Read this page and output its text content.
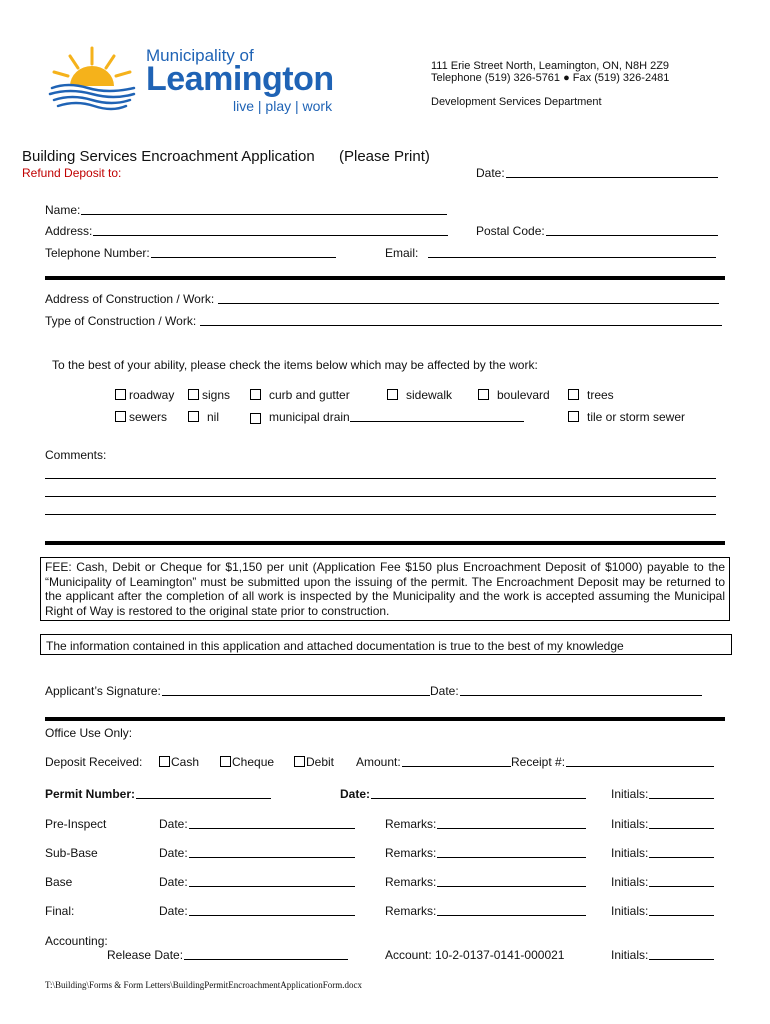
Municipality of
Leamington
live | play | work
111 Erie Street North, Leamington, ON, N8H 2Z9
Telephone (519) 326-5761 ● Fax (519) 326-2481
Development Services Department
Building Services Encroachment Application (Please Print)
Refund Deposit to:	Date:
Name:
Address:	Postal Code:
Telephone Number:	Email:
Address of Construction / Work:
Type of Construction / Work:
To the best of your ability, please check the items below which may be affected by the work:
roadway	signs	curb and gutter	sidewalk	boulevard	trees
sewers	nil	municipal drain	tile or storm sewer
Comments:
FEE: Cash, Debit or Cheque for $1,150 per unit (Application Fee $150 plus Encroachment Deposit of $1000) payable to the “Municipality of Leamington” must be submitted upon the issuing of the permit. The Encroachment Deposit may be returned to the applicant after the completion of all work is inspected by the Municipality and the work is accepted assuming the Municipal Right of Way is restored to the original state prior to construction.
The information contained in this application and attached documentation is true to the best of my knowledge
Applicant’s Signature:	Date:
Office Use Only:
Deposit Received:	Cash	Cheque	Debit Amount:	Receipt #:
Permit Number:	Date:	Initials:
Pre-Inspect	Date:	Remarks:	Initials:
Sub-Base	Date:	Remarks:	Initials:
Base	Date:	Remarks:	Initials:
Final:	Date:	Remarks:	Initials:
Accounting:
Release Date:	Account: 10-2-0137-0141-000021	Initials:
T:\Building\Forms & Form Letters\BuildingPermitEncroachmentApplicationForm.docx
